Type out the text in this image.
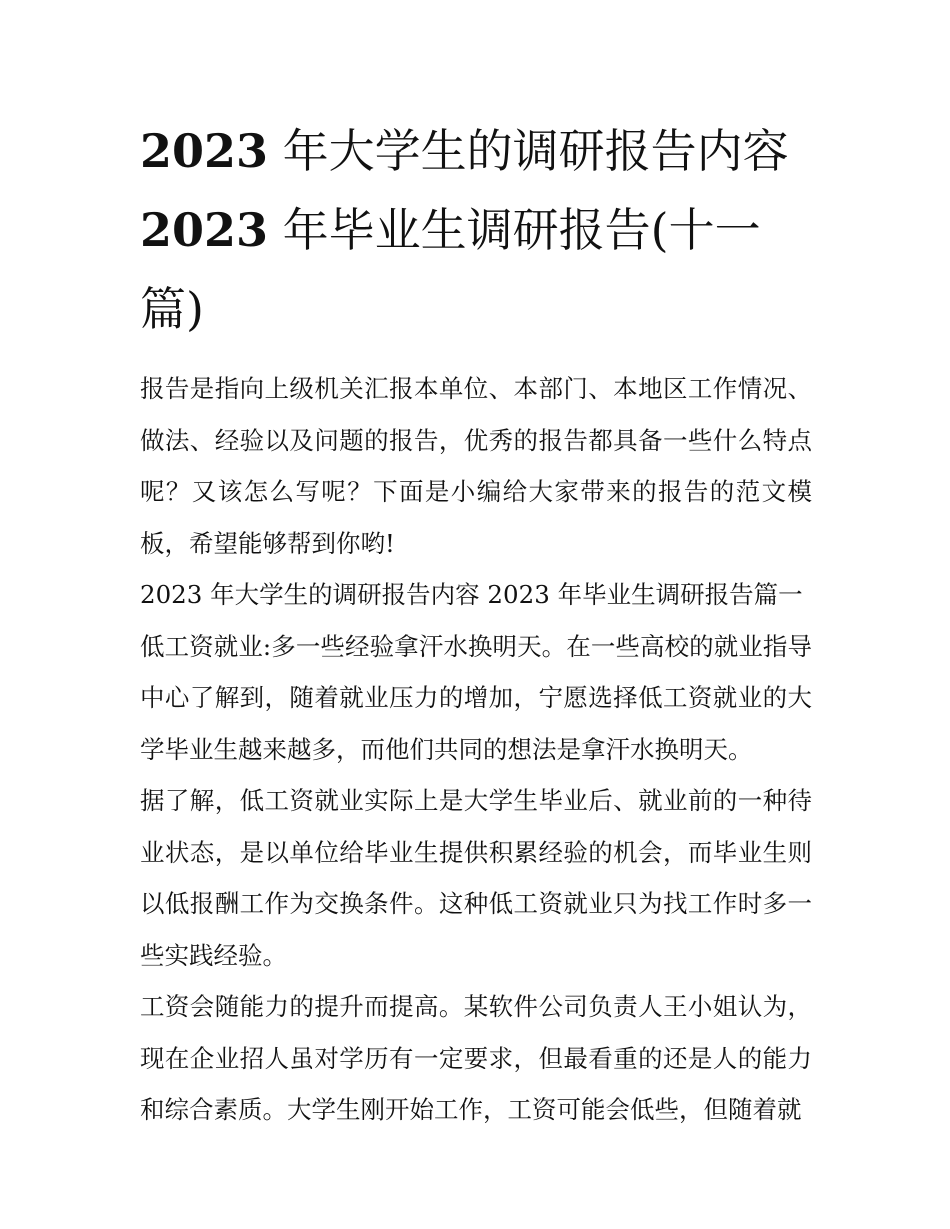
2023 年大学生的调研报告内容2023 年毕业生调研报告(十一篇)

报告是指向上级机关汇报本单位、本部门、本地区工作情况、做法、经验以及问题的报告，优秀的报告都具备一些什么特点呢？又该怎么写呢？下面是小编给大家带来的报告的范文模板，希望能够帮到你哟!

2023 年大学生的调研报告内容 2023 年毕业生调研报告篇一

低工资就业:多一些经验拿汗水换明天。在一些高校的就业指导中心了解到，随着就业压力的增加，宁愿选择低工资就业的大学毕业生越来越多，而他们共同的想法是拿汗水换明天。

据了解，低工资就业实际上是大学生毕业后、就业前的一种待业状态，是以单位给毕业生提供积累经验的机会，而毕业生则以低报酬工作为交换条件。这种低工资就业只为找工作时多一些实践经验。

工资会随能力的提升而提高。某软件公司负责人王小姐认为，现在企业招人虽对学历有一定要求，但最看重的还是人的能力和综合素质。大学生刚开始工作，工资可能会低些，但随着就
